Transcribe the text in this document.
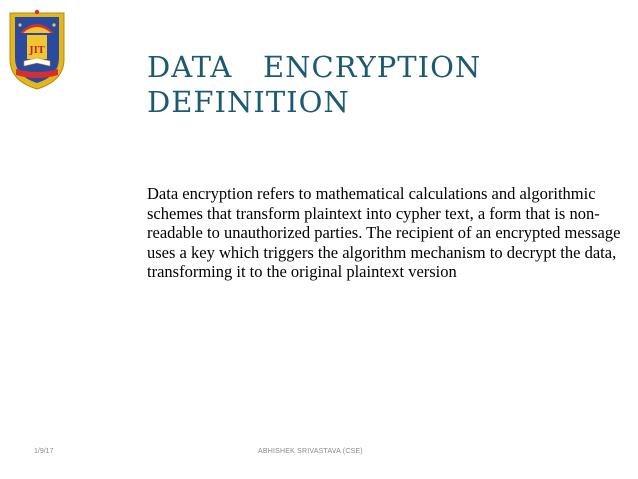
JIT	DATA   ENCRYPTION
DEFINITION

Data encryption refers to mathematical calculations and algorithmic schemes that transform plaintext into cypher text, a form that is non-readable to unauthorized parties. The recipient of an encrypted message uses a key which triggers the algorithm mechanism to decrypt the data, transforming it to the original plaintext version

1/9/17	ABHISHEK SRIVASTAVA (CSE)
